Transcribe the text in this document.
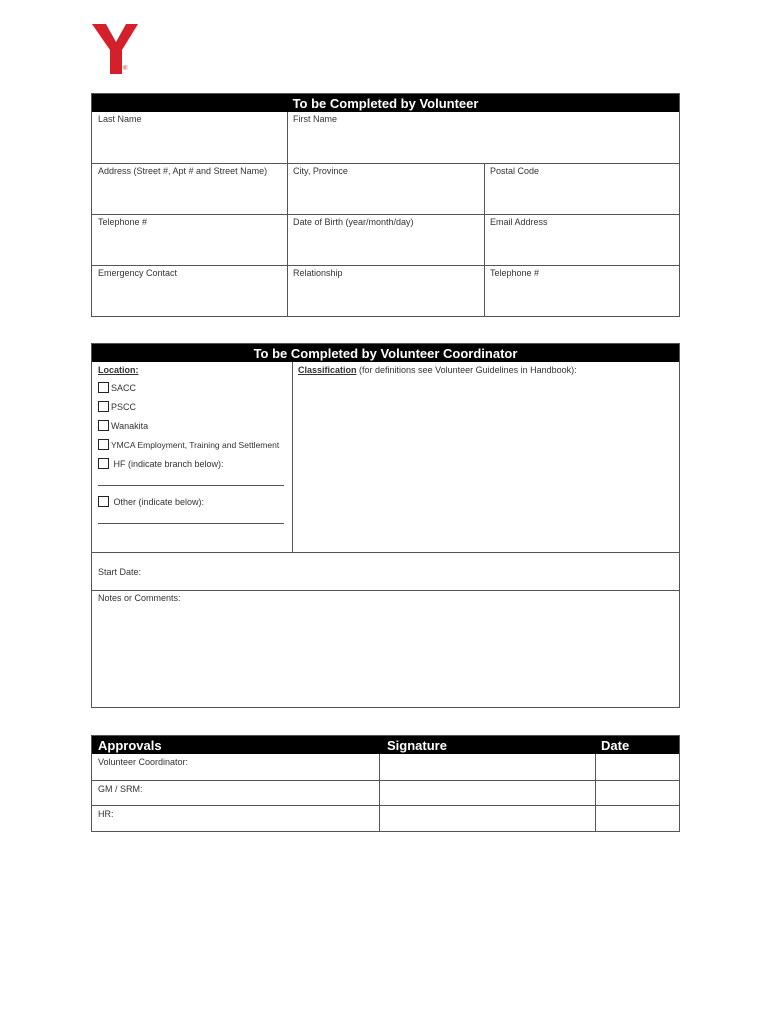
®
To be Completed by Volunteer
Last Name	First Name
Address (Street #, Apt # and Street Name)	City, Province	Postal Code
Telephone #	Date of Birth (year/month/day)	Email Address
Emergency Contact	Relationship	Telephone #
To be Completed by Volunteer Coordinator
Location:
SACC
PSCC
Wanakita
YMCA Employment, Training and Settlement
HF (indicate branch below):
Other (indicate below):
Classification (for definitions see Volunteer Guidelines in Handbook):
Start Date:
Notes or Comments:
Approvals	Signature	Date
Volunteer Coordinator:
GM / SRM:
HR:
